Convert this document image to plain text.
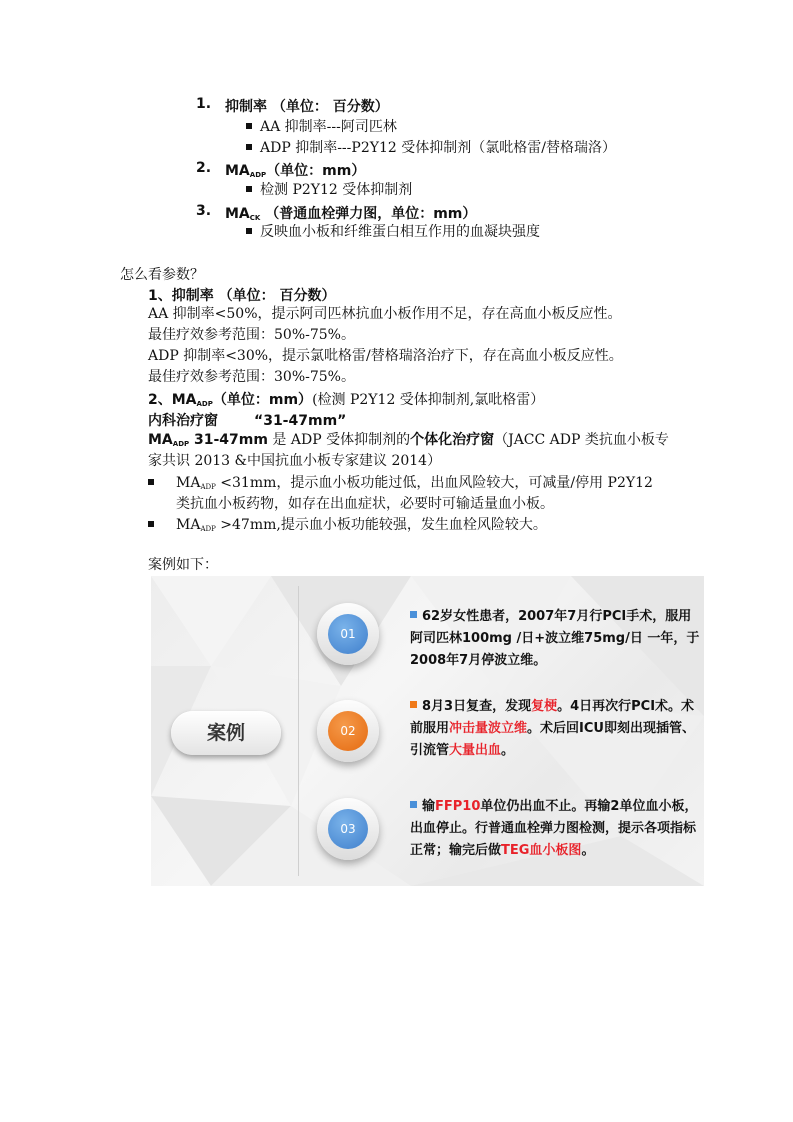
1. 抑制率 （单位： 百分数）
AA 抑制率---阿司匹林
ADP 抑制率---P2Y12 受体抑制剂（氯吡格雷/替格瑞洛）
2. $MA_{ADP}$（单位：mm）
检测 P2Y12 受体抑制剂
3. $MA_{CK}$ （普通血栓弹力图，单位：mm）
反映血小板和纤维蛋白相互作用的血凝块强度
怎么看参数？
1、抑制率 （单位： 百分数）
AA 抑制率<50%，提示阿司匹林抗血小板作用不足，存在高血小板反应性。
最佳疗效参考范围：50%-75%。
ADP 抑制率<30%，提示氯吡格雷/替格瑞洛治疗下，存在高血小板反应性。
最佳疗效参考范围：30%-75%。
2、$MA_{ADP}$（单位：mm）(检测 P2Y12 受体抑制剂,氯吡格雷）
内科治疗窗	“31-47mm”
$MA_{ADP}$ 31-47mm 是 ADP 受体抑制剂的个体化治疗窗（JACC ADP 类抗血小板专
家共识 2013 &中国抗血小板专家建议 2014）
$MA_{ADP} <31mm$，提示血小板功能过低，出血风险较大，可减量/停用 P2Y12
类抗血小板药物，如存在出血症状，必要时可输适量血小板。
$MA_{ADP} >47mm$,提示血小板功能较强，发生血栓风险较大。
案例如下：
案例
01
62岁女性患者，2007年7月行PCI手术，服用阿司匹林100mg /日+波立维75mg/日 一年，于2008年7月停波立维。
02
8月3日复查，发现复梗。4日再次行PCI术。术前服用冲击量波立维。术后回ICU即刻出现插管、引流管大量出血。
03
输FFP10单位仍出血不止。再输2单位血小板，出血停止。行普通血栓弹力图检测，提示各项指标正常；输完后做TEG血小板图。
